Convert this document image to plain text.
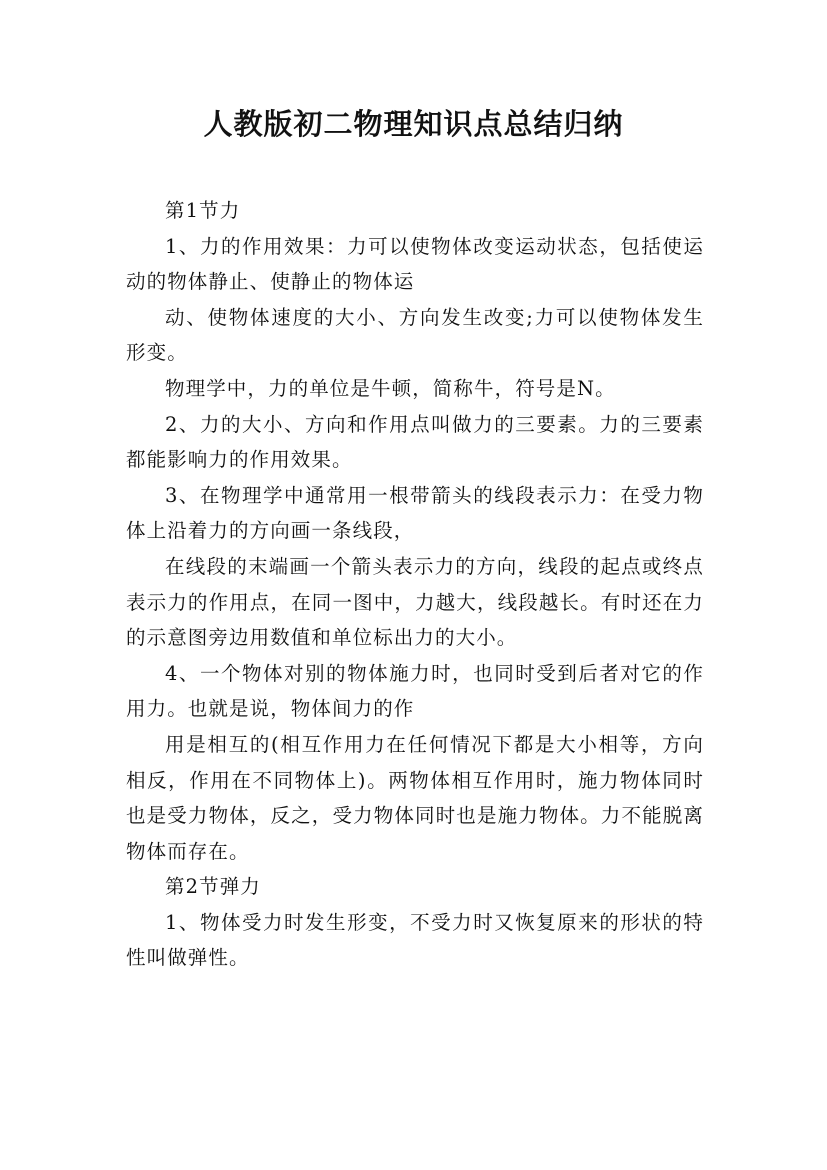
人教版初二物理知识点总结归纳

第1节力

1、力的作用效果：力可以使物体改变运动状态，包括使运动的物体静止、使静止的物体运

动、使物体速度的大小、方向发生改变;力可以使物体发生形变。

物理学中，力的单位是牛顿，简称牛，符号是N。

2、力的大小、方向和作用点叫做力的三要素。力的三要素都能影响力的作用效果。

3、在物理学中通常用一根带箭头的线段表示力：在受力物体上沿着力的方向画一条线段，

在线段的末端画一个箭头表示力的方向，线段的起点或终点表示力的作用点，在同一图中，力越大，线段越长。有时还在力的示意图旁边用数值和单位标出力的大小。

4、一个物体对别的物体施力时，也同时受到后者对它的作用力。也就是说，物体间力的作

用是相互的(相互作用力在任何情况下都是大小相等，方向相反，作用在不同物体上)。两物体相互作用时，施力物体同时也是受力物体，反之，受力物体同时也是施力物体。力不能脱离物体而存在。

第2节弹力

1、物体受力时发生形变，不受力时又恢复原来的形状的特性叫做弹性。
